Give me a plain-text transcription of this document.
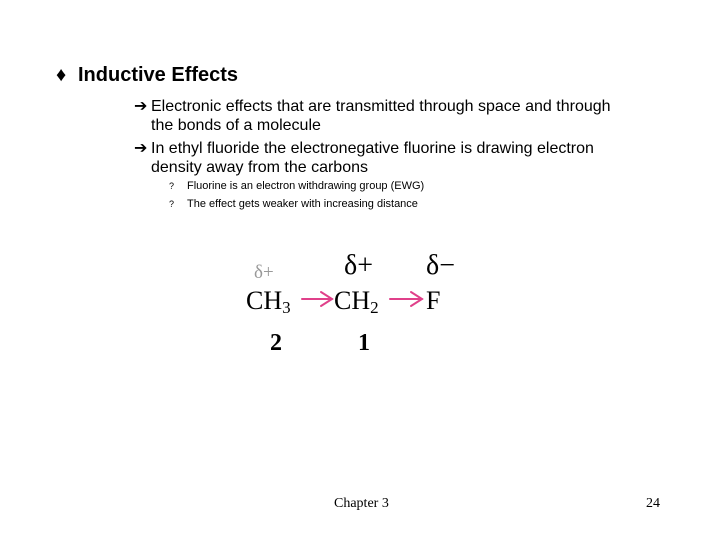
♦ Inductive Effects
➔ Electronic effects that are transmitted through space and through
the bonds of a molecule
➔ In ethyl fluoride the electronegative fluorine is drawing electron
density away from the carbons
? Fluorine is an electron withdrawing group (EWG)
? The effect gets weaker with increasing distance
δ+	δ+ δ−
$CH_3$ $CH_2$ F
2	1
Chapter 3	24
